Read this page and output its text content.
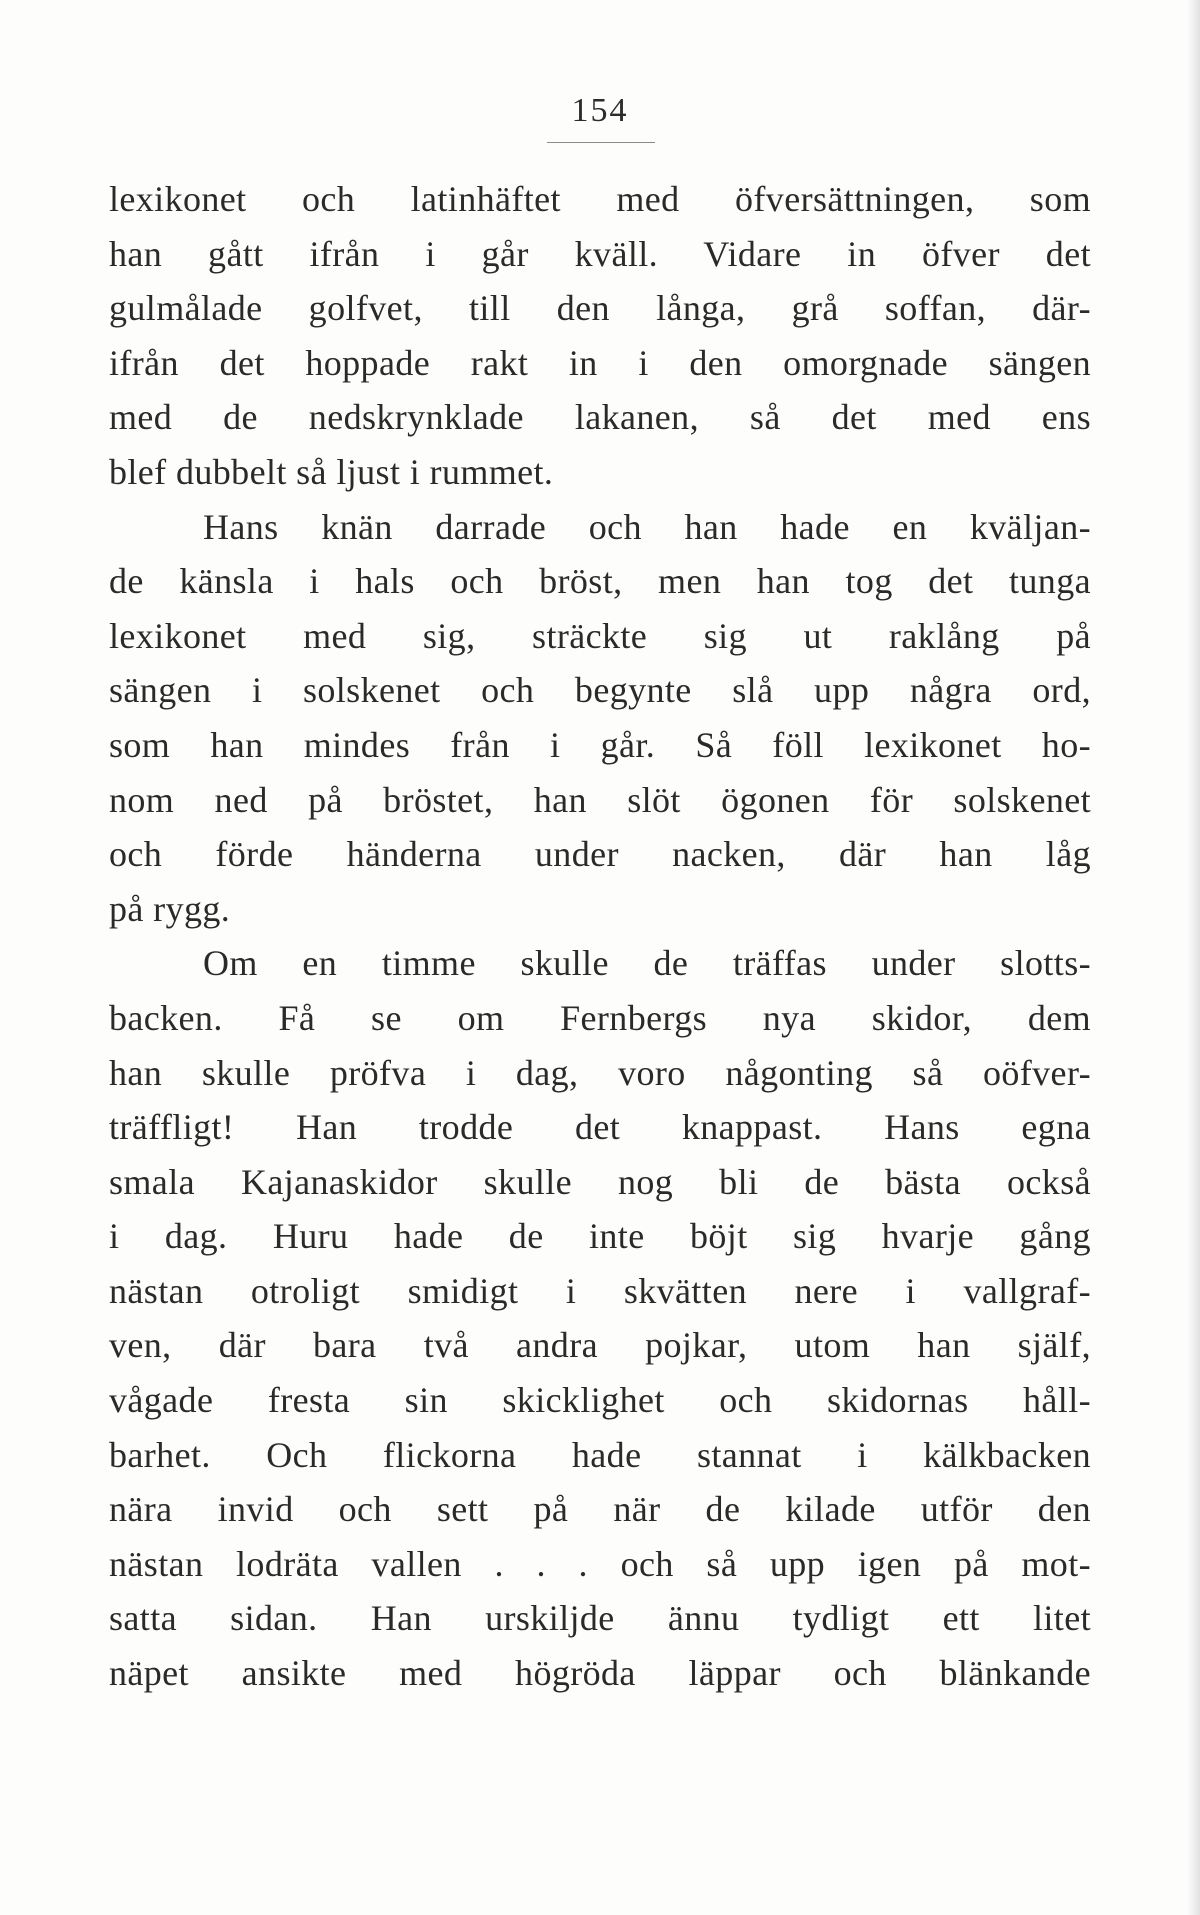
154
lexikonet och latinhäftet med öfversättningen, som
han gått ifrån i går kväll. Vidare in öfver det
gulmålade golfvet, till den långa, grå soffan, där-
ifrån det hoppade rakt in i den omorgnade sängen
med de nedskrynklade lakanen, så det med ens
blef dubbelt så ljust i rummet.
Hans knän darrade och han hade en kväljan-
de känsla i hals och bröst, men han tog det tunga
lexikonet med sig, sträckte sig ut raklång på
sängen i solskenet och begynte slå upp några ord,
som han mindes från i går. Så föll lexikonet ho-
nom ned på bröstet, han slöt ögonen för solskenet
och förde händerna under nacken, där han låg
på rygg.
Om en timme skulle de träffas under slotts-
backen. Få se om Fernbergs nya skidor, dem
han skulle pröfva i dag, voro någonting så oöfver-
träffligt! Han trodde det knappast. Hans egna
smala Kajanaskidor skulle nog bli de bästa också
i dag. Huru hade de inte böjt sig hvarje gång
nästan otroligt smidigt i skvätten nere i vallgraf-
ven, där bara två andra pojkar, utom han själf,
vågade fresta sin skicklighet och skidornas håll-
barhet. Och flickorna hade stannat i kälkbacken
nära invid och sett på när de kilade utför den
nästan lodräta vallen . . . och så upp igen på mot-
satta sidan. Han urskiljde ännu tydligt ett litet
näpet ansikte med högröda läppar och blänkande
